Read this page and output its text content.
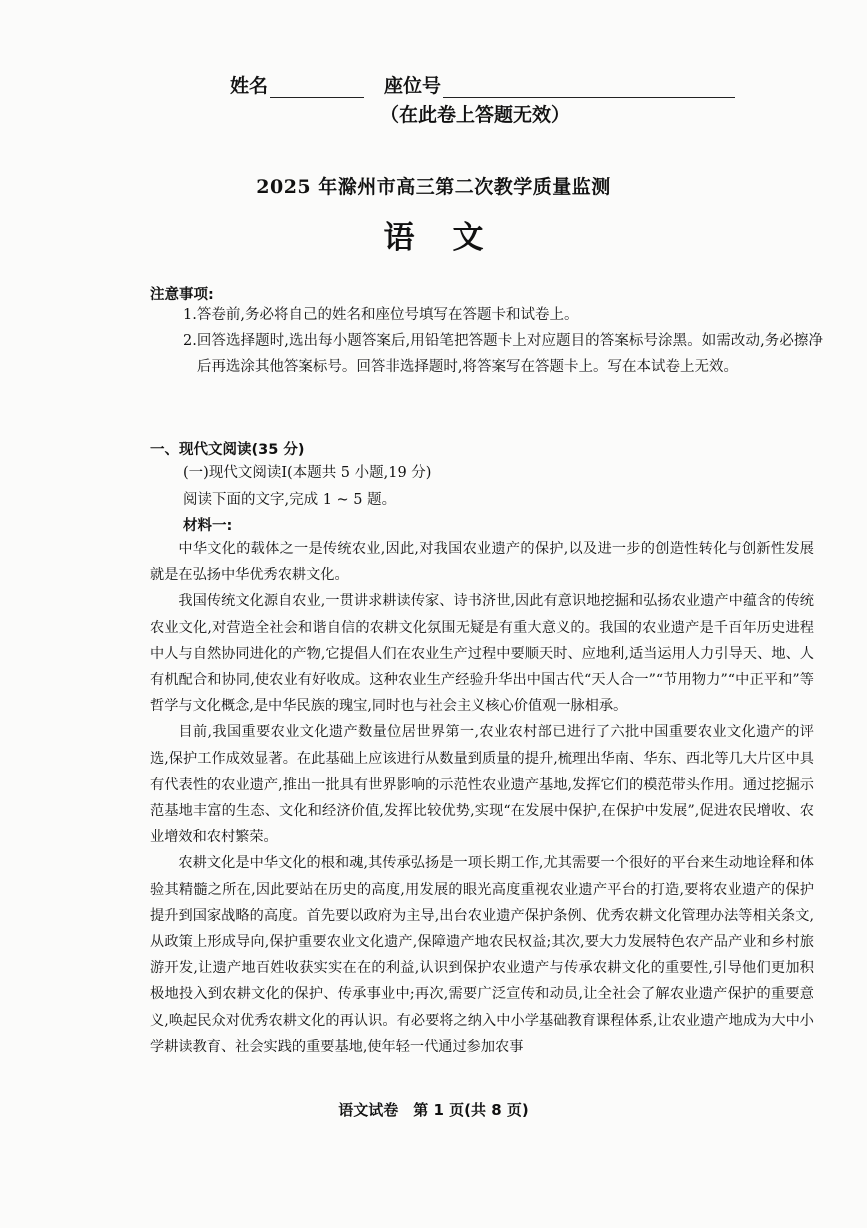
姓名	座位号
（在此卷上答题无效）
2025 年滁州市高三第二次教学质量监测
语文
注意事项:
1. 答卷前,务必将自己的姓名和座位号填写在答题卡和试卷上。
2. 回答选择题时,选出每小题答案后,用铅笔把答题卡上对应题目的答案标号涂黑。如需改动,务必擦净后再选涂其他答案标号。回答非选择题时,将答案写在答题卡上。写在本试卷上无效。
一、现代文阅读(35 分)
(一)现代文阅读Ⅰ(本题共 5 小题,19 分)
阅读下面的文字,完成 1 ~ 5 题。
材料一:

中华文化的载体之一是传统农业,因此,对我国农业遗产的保护,以及进一步的创造性转化与创新性发展就是在弘扬中华优秀农耕文化。

我国传统文化源自农业,一贯讲求耕读传家、诗书济世,因此有意识地挖掘和弘扬农业遗产中蕴含的传统农业文化,对营造全社会和谐自信的农耕文化氛围无疑是有重大意义的。我国的农业遗产是千百年历史进程中人与自然协同进化的产物,它提倡人们在农业生产过程中要顺天时、应地利,适当运用人力引导天、地、人有机配合和协同,使农业有好收成。这种农业生产经验升华出中国古代“天人合一”“节用物力”“中正平和”等哲学与文化概念,是中华民族的瑰宝,同时也与社会主义核心价值观一脉相承。

目前,我国重要农业文化遗产数量位居世界第一,农业农村部已进行了六批中国重要农业文化遗产的评选,保护工作成效显著。在此基础上应该进行从数量到质量的提升,梳理出华南、华东、西北等几大片区中具有代表性的农业遗产,推出一批具有世界影响的示范性农业遗产基地,发挥它们的模范带头作用。通过挖掘示范基地丰富的生态、文化和经济价值,发挥比较优势,实现“在发展中保护,在保护中发展”,促进农民增收、农业增效和农村繁荣。

农耕文化是中华文化的根和魂,其传承弘扬是一项长期工作,尤其需要一个很好的平台来生动地诠释和体验其精髓之所在,因此要站在历史的高度,用发展的眼光高度重视农业遗产平台的打造,要将农业遗产的保护提升到国家战略的高度。首先要以政府为主导,出台农业遗产保护条例、优秀农耕文化管理办法等相关条文,从政策上形成导向,保护重要农业文化遗产,保障遗产地农民权益;其次,要大力发展特色农产品产业和乡村旅游开发,让遗产地百姓收获实实在在的利益,认识到保护农业遗产与传承农耕文化的重要性,引导他们更加积极地投入到农耕文化的保护、传承事业中;再次,需要广泛宣传和动员,让全社会了解农业遗产保护的重要意义,唤起民众对优秀农耕文化的再认识。有必要将之纳入中小学基础教育课程体系,让农业遗产地成为大中小学耕读教育、社会实践的重要基地,使年轻一代通过参加农事

语文试卷　第 1 页(共 8 页)
